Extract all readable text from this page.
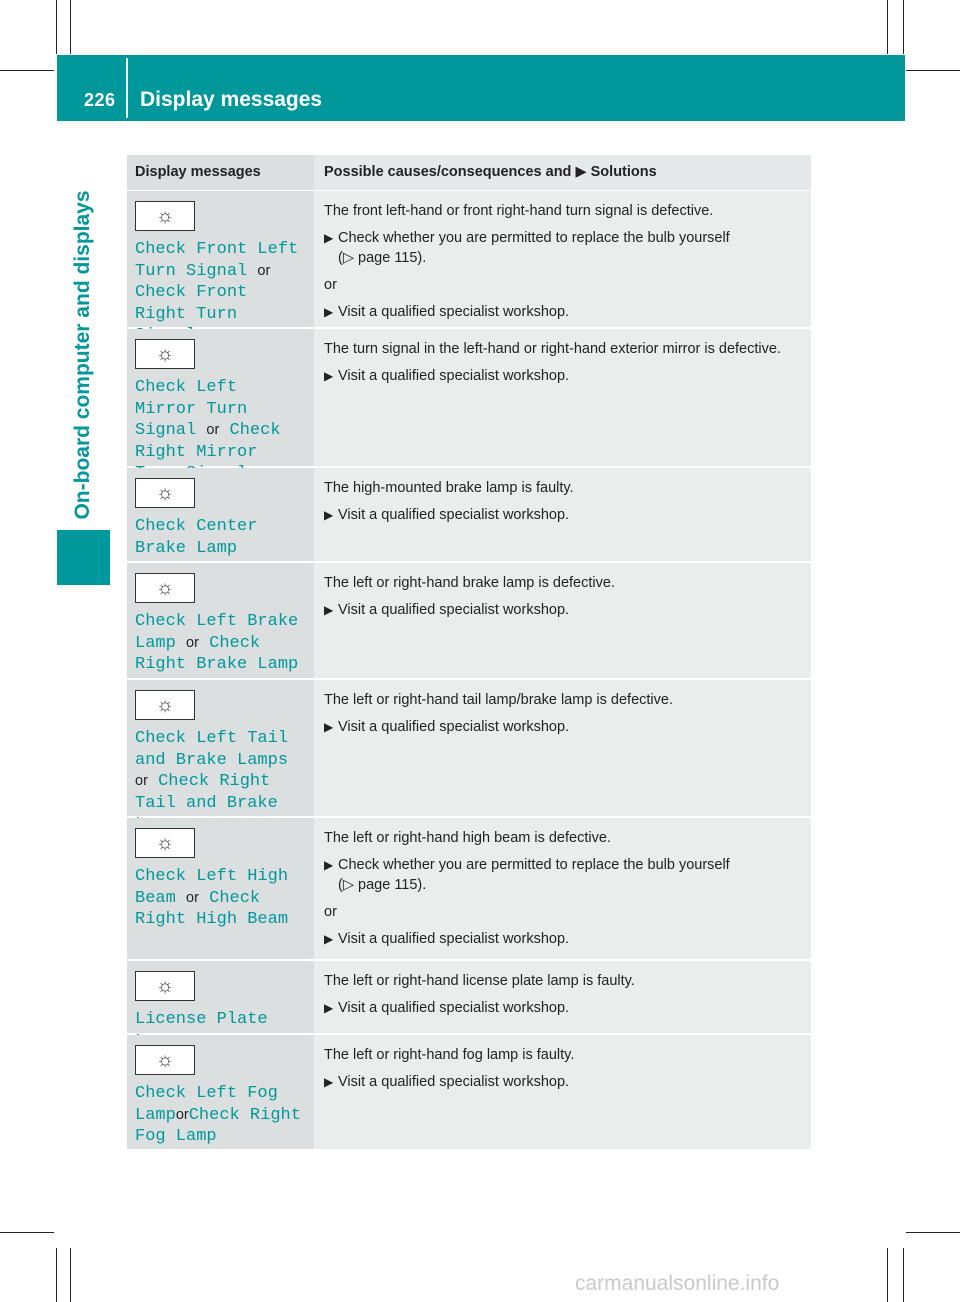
226 Display messages
On-board computer and displays
Display messages	Possible causes/consequences and ▶ Solutions
☼
Check Front Left Turn Signal or Check Front Right Turn

The front left-hand or front right-hand turn signal is defective.

▶ Check whether you are permitted to replace the bulb yourself
(▷ page 115).

or

▶ Visit a qualified specialist workshop.
☼
Check Left Mirror Turn Signal or Check Right Mirror

The turn signal in the left-hand or right-hand exterior mirror is defective.

▶ Visit a qualified specialist workshop.
☼
Check Center Brake Lamp

The high-mounted brake lamp is faulty.

▶ Visit a qualified specialist workshop.
☼
Check Left Brake Lamp or Check Right Brake Lamp

The left or right-hand brake lamp is defective.

▶ Visit a qualified specialist workshop.
☼
Check Left Tail and Brake Lamps or Check Right Tail and Brake

The left or right-hand tail lamp/brake lamp is defective.

▶ Visit a qualified specialist workshop.
☼
Check Left High Beam or Check Right High Beam

The left or right-hand high beam is defective.

▶ Check whether you are permitted to replace the bulb yourself
(▷ page 115).

or

▶ Visit a qualified specialist workshop.
☼
License Plate

The left or right-hand license plate lamp is faulty.

▶ Visit a qualified specialist workshop.
☼
Check Left Fog LamporCheck Right Fog Lamp

The left or right-hand fog lamp is faulty.

▶ Visit a qualified specialist workshop.
carmanualsonline.info
